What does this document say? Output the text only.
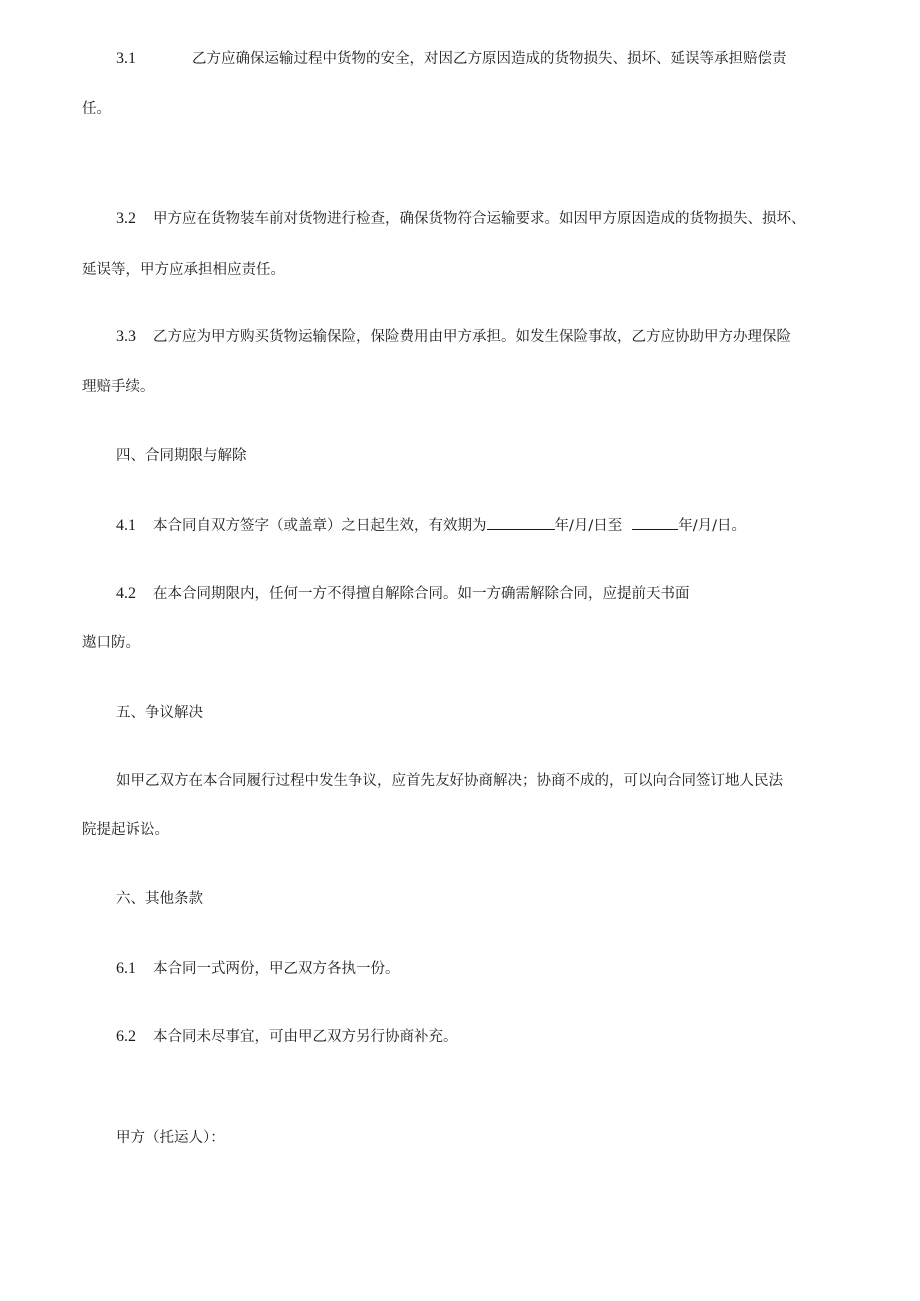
3.1	乙方应确保运输过程中货物的安全，对因乙方原因造成的货物损失、损坏、延误等承担赔偿责
任。
3.2 甲方应在货物装车前对货物进行检查，确保货物符合运输要求。如因甲方原因造成的货物损失、损坏、
延误等，甲方应承担相应责任。
3.3 乙方应为甲方购买货物运输保险，保险费用由甲方承担。如发生保险事故，乙方应协助甲方办理保险
理赔手续。
四、合同期限与解除
4.1 本合同自双方签字（或盖章）之日起生效，有效期为	年/月/日至	年/月/日。
4.2 在本合同期限内，任何一方不得擅自解除合同。如一方确需解除合同，应提前天书面
遨口防。
五、争议解决
如甲乙双方在本合同履行过程中发生争议，应首先友好协商解决；协商不成的，可以向合同签订地人民法
院提起诉讼。
六、其他条款
6.1 本合同一式两份，甲乙双方各执一份。
6.2 本合同未尽事宜，可由甲乙双方另行协商补充。
甲方（托运人）：
